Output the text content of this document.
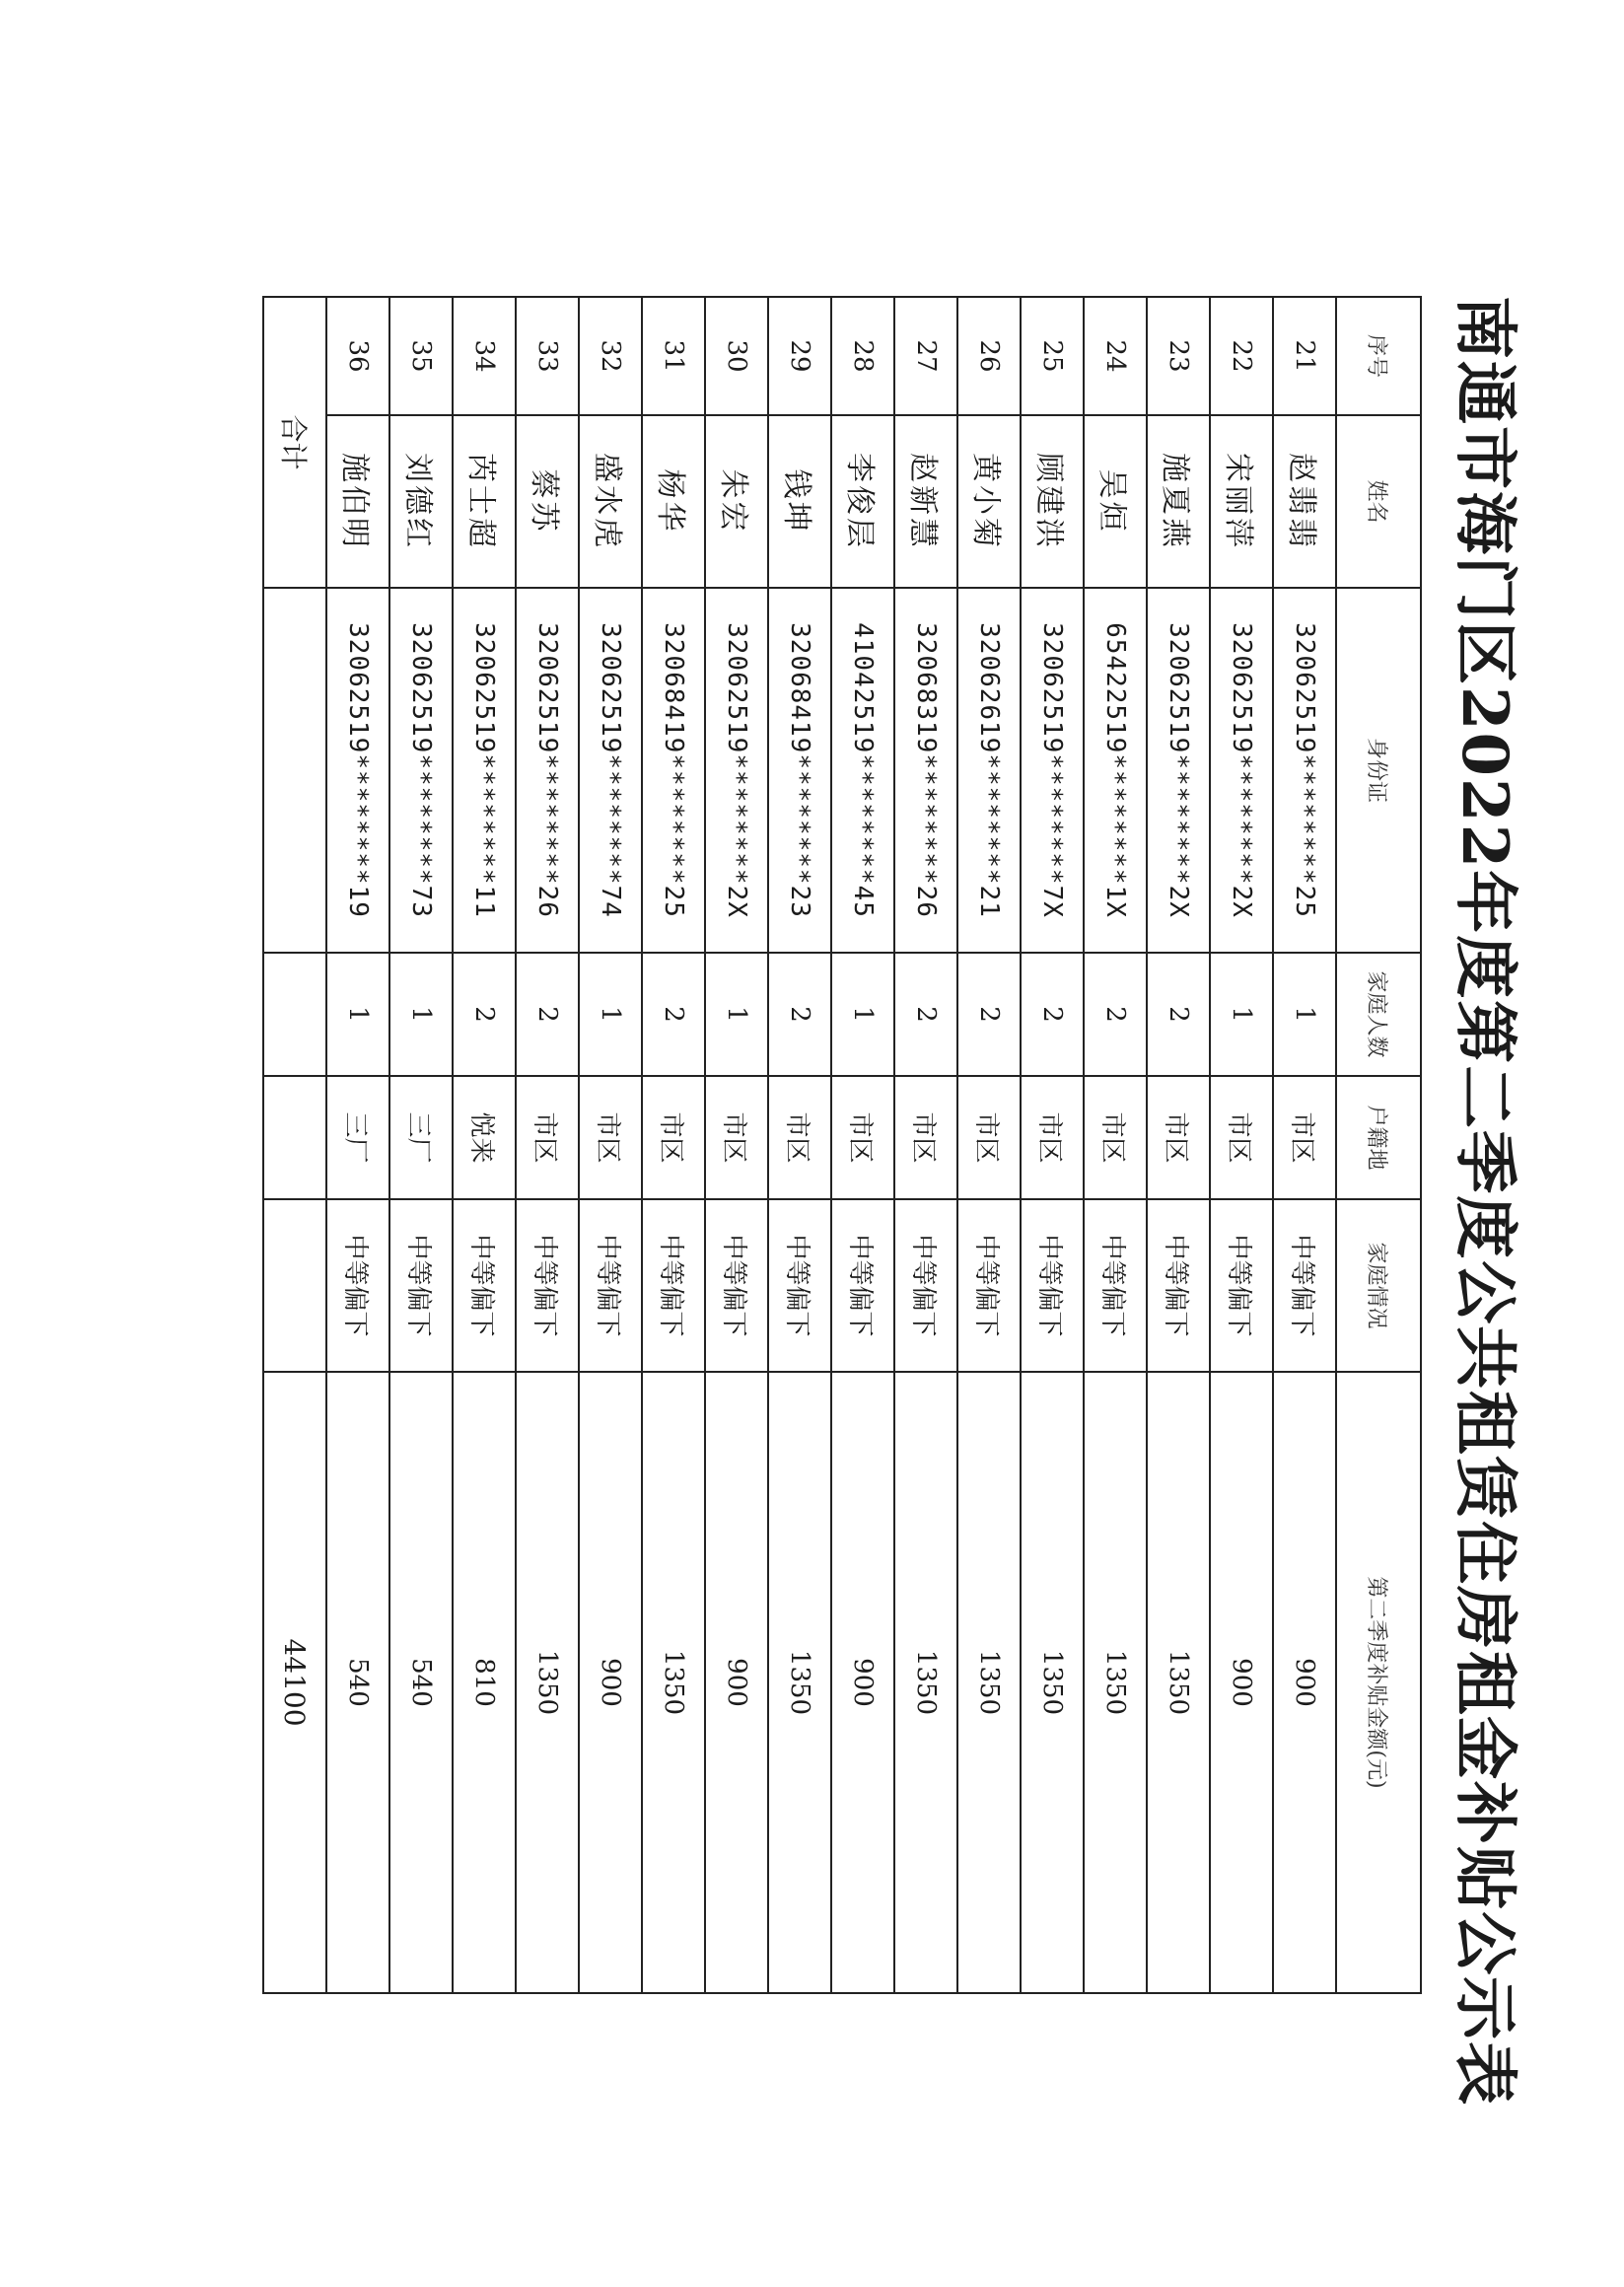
南通市海门区2022年度第二季度公共租赁住房租金补贴公示表
序号	姓名	身份证	家庭人数	户籍地	家庭情况	第二季度补贴金额(元)
21	赵翡翡	32062519********25	1	市区	中等偏下	900
22	宋丽萍	32062519********2X	1	市区	中等偏下	900
23	施夏燕	32062519********2X	2	市区	中等偏下	1350
24	吴烜	65422519********1X	2	市区	中等偏下	1350
25	顾建洪	32062519********7X	2	市区	中等偏下	1350
26	黄小菊	32062619********21	2	市区	中等偏下	1350
27	赵新慧	32068319********26	2	市区	中等偏下	1350
28	李俊层	41042519********45	1	市区	中等偏下	900
29	钱坤	32068419********23	2	市区	中等偏下	1350
30	朱宏	32062519********2X	1	市区	中等偏下	900
31	杨华	32068419********25	2	市区	中等偏下	1350
32	盛水虎	32062519********74	1	市区	中等偏下	900
33	蔡苏	32062519********26	2	市区	中等偏下	1350
34	芮士超	32062519********11	2	悦来	中等偏下	810
35	刘德红	32062519********73	1	三厂	中等偏下	540
36	施伯明	32062519********19	1	三厂	中等偏下	540
合计						44100
